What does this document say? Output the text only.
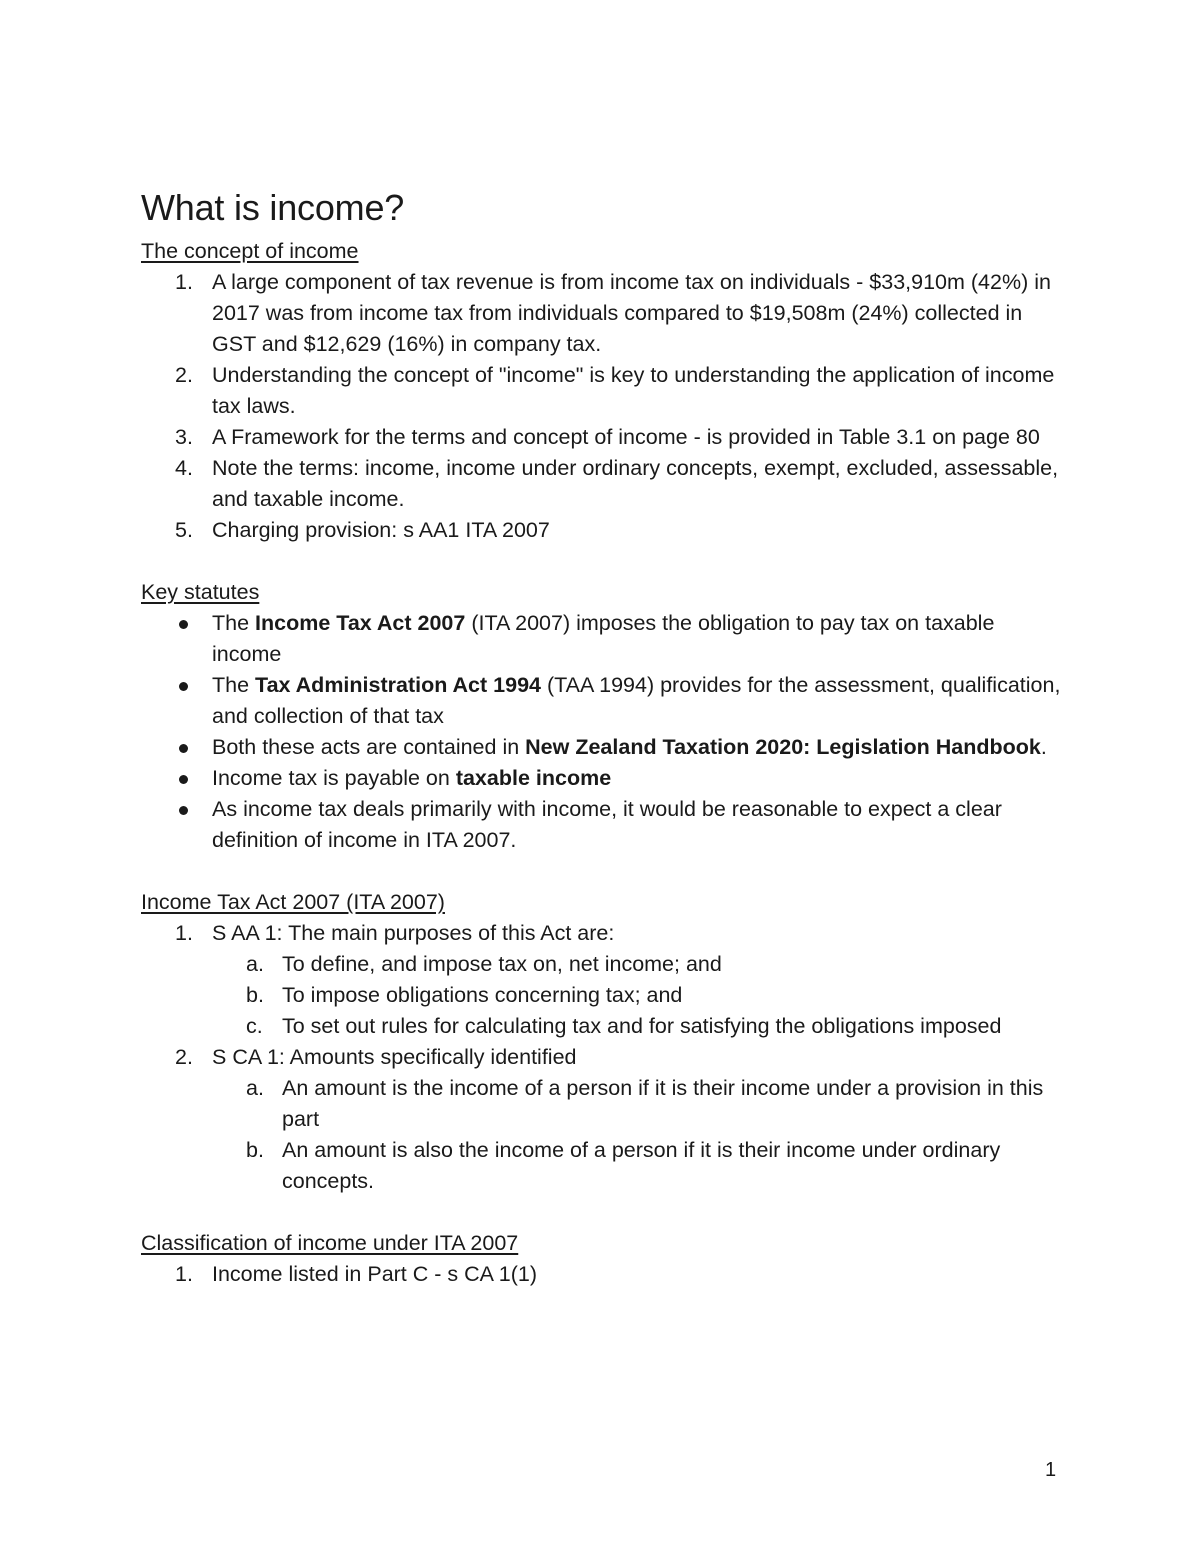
What is income?

The concept of income

1. A large component of tax revenue is from income tax on individuals - $33,910m (42%) in 2017 was from income tax from individuals compared to $19,508m (24%) collected in GST and $12,629 (16%) in company tax.
2. Understanding the concept of "income" is key to understanding the application of income tax laws.
3. A Framework for the terms and concept of income - is provided in Table 3.1 on page 80
4. Note the terms: income, income under ordinary concepts, exempt, excluded, assessable, and taxable income.
5. Charging provision: s AA1 ITA 2007

Key statutes

The Income Tax Act 2007 (ITA 2007) imposes the obligation to pay tax on taxable income
The Tax Administration Act 1994 (TAA 1994) provides for the assessment, qualification, and collection of that tax
Both these acts are contained in New Zealand Taxation 2020: Legislation Handbook.
Income tax is payable on taxable income
As income tax deals primarily with income, it would be reasonable to expect a clear definition of income in ITA 2007.

Income Tax Act 2007 (ITA 2007)

1. S AA 1: The main purposes of this Act are:
a. To define, and impose tax on, net income; and
b. To impose obligations concerning tax; and
c. To set out rules for calculating tax and for satisfying the obligations imposed
2. S CA 1: Amounts specifically identified
a. An amount is the income of a person if it is their income under a provision in this part
b. An amount is also the income of a person if it is their income under ordinary concepts.

Classification of income under ITA 2007

1. Income listed in Part C - s CA 1(1)
1
